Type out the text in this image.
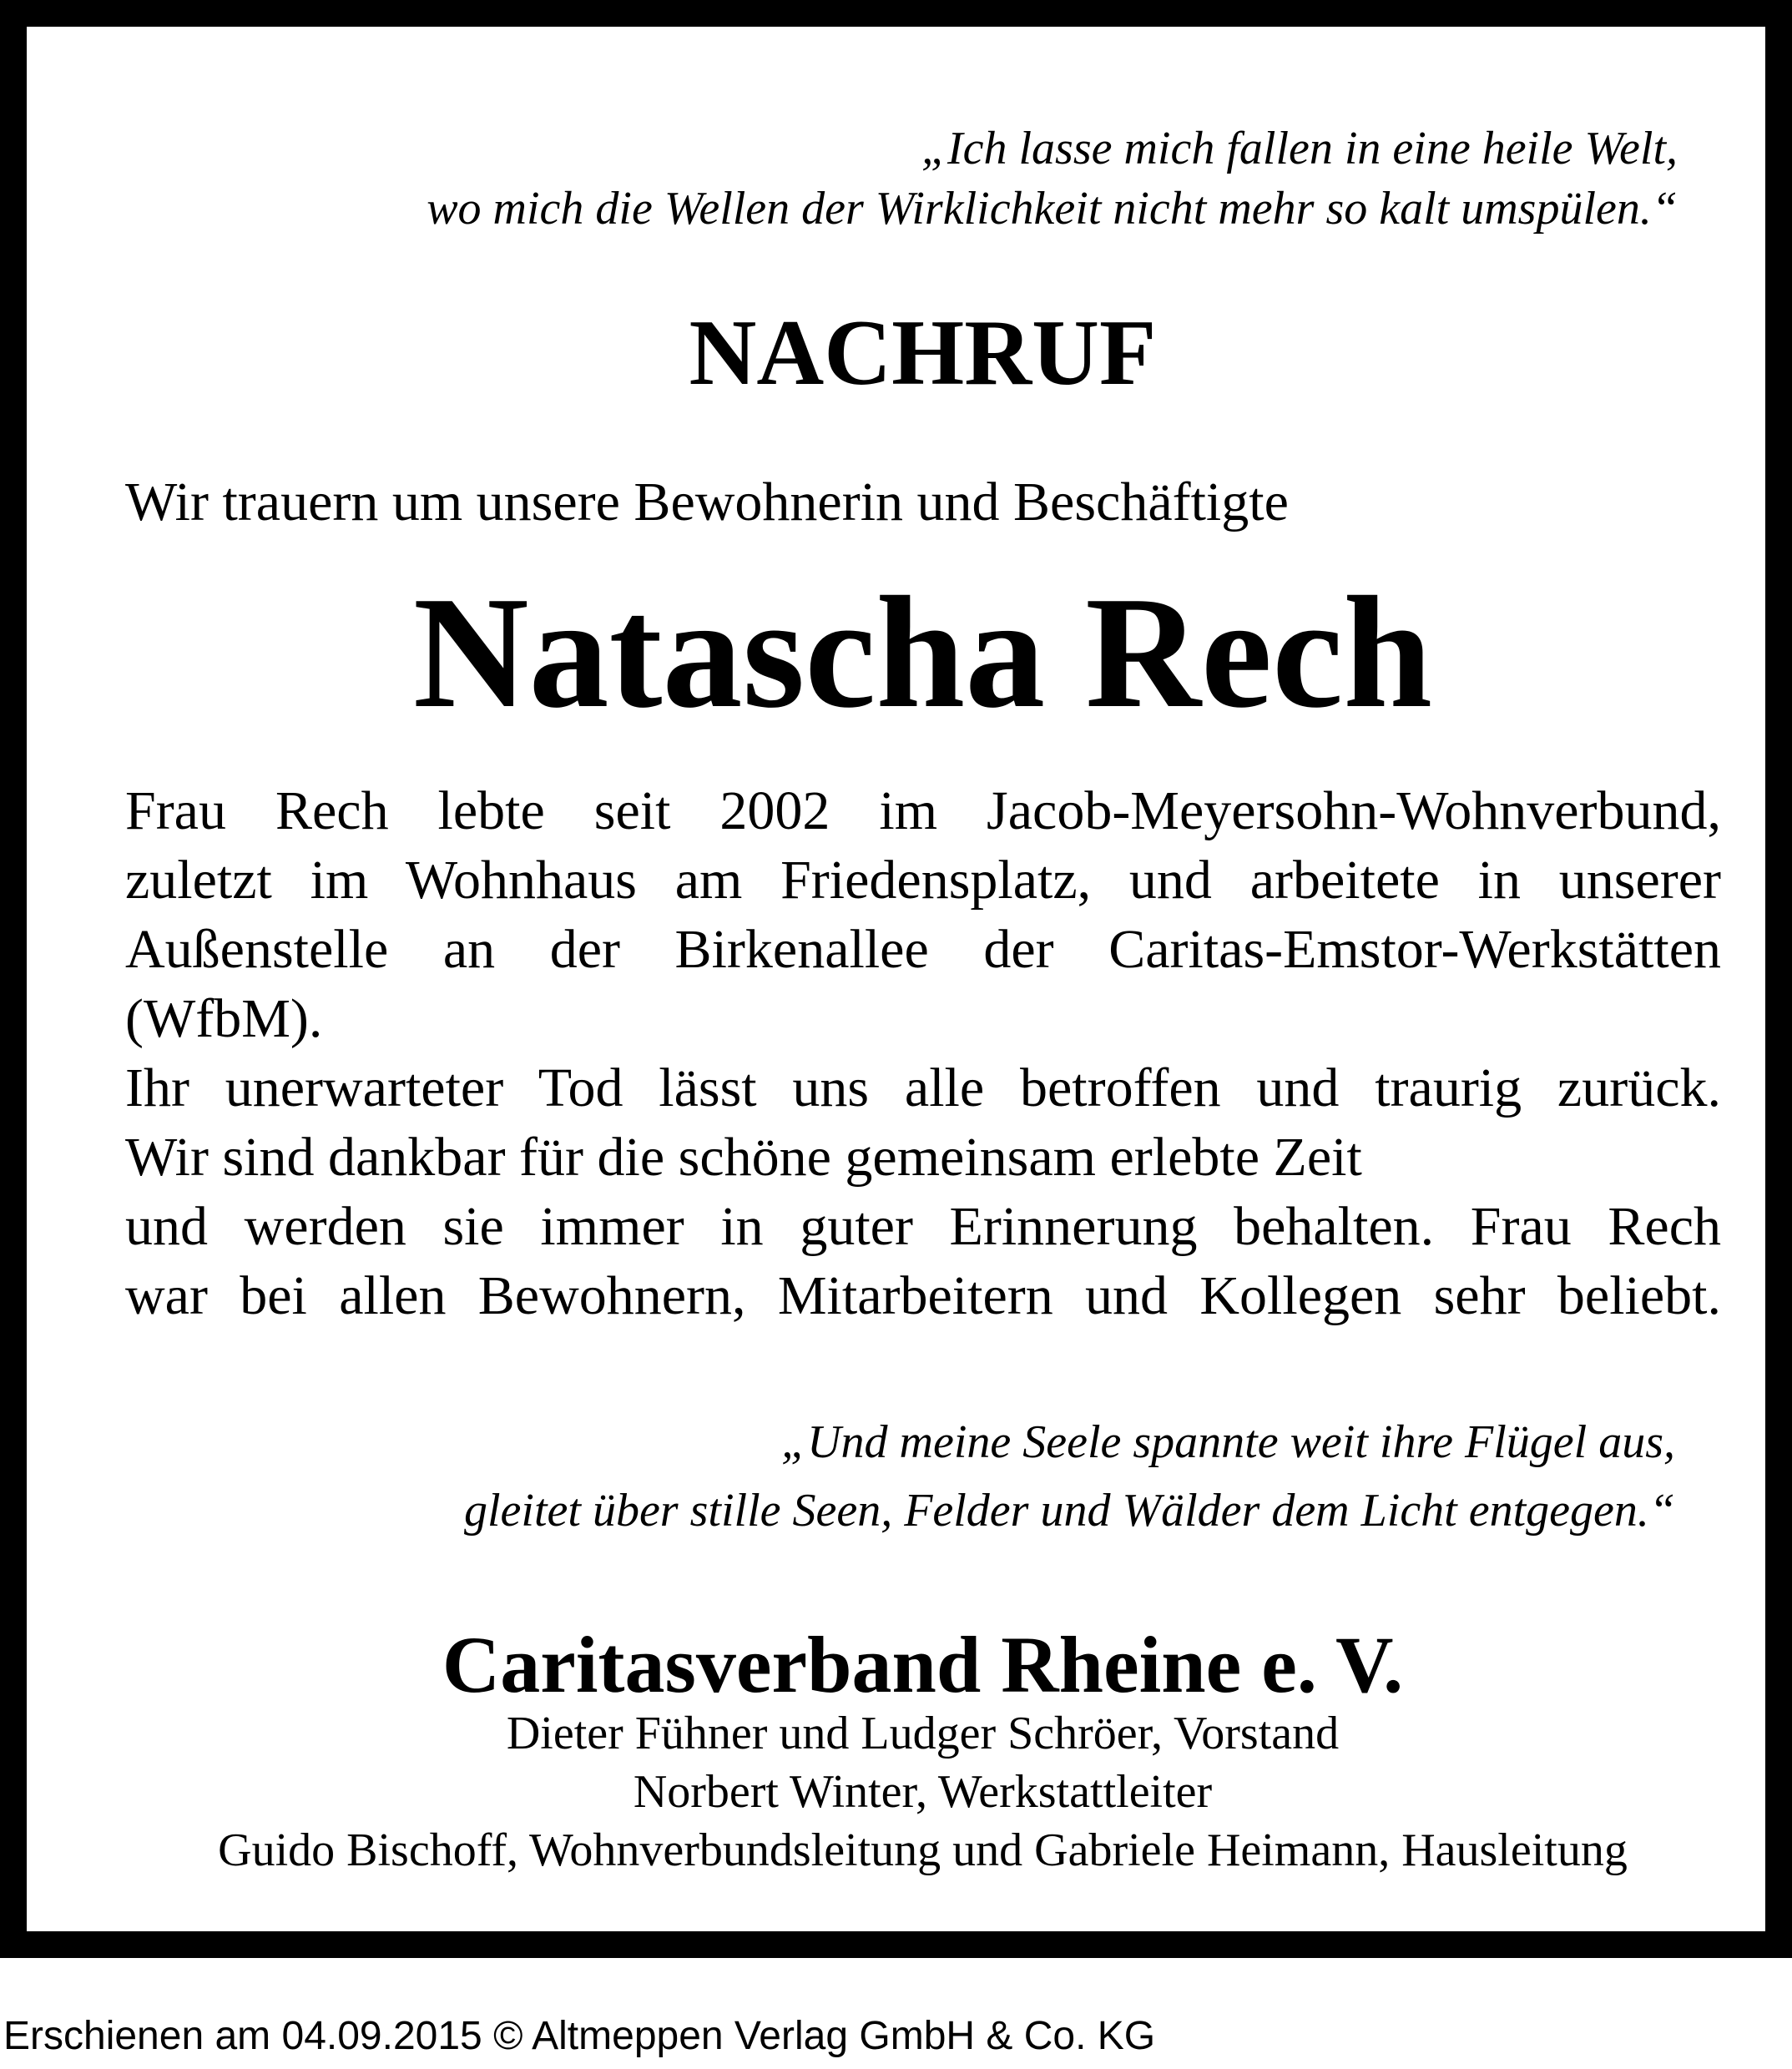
„Ich lasse mich fallen in eine heile Welt,
wo mich die Wellen der Wirklichkeit nicht mehr so kalt umspülen.“
NACHRUF
Wir trauern um unsere Bewohnerin und Beschäftigte
Natascha Rech
Frau Rech lebte seit 2002 im Jacob-Meyersohn-Wohnverbund,
zuletzt im Wohnhaus am Friedensplatz, und arbeitete in unserer
Außenstelle an der Birkenallee der Caritas-Emstor-Werkstätten
(WfbM).
Ihr unerwarteter Tod lässt uns alle betroffen und traurig zurück.
Wir sind dankbar für die schöne gemeinsam erlebte Zeit
und werden sie immer in guter Erinnerung behalten. Frau Rech
war bei allen Bewohnern, Mitarbeitern und Kollegen sehr beliebt.
„Und meine Seele spannte weit ihre Flügel aus,
gleitet über stille Seen, Felder und Wälder dem Licht entgegen.“
Caritasverband Rheine e. V.
Dieter Fühner und Ludger Schröer, Vorstand
Norbert Winter, Werkstattleiter
Guido Bischoff, Wohnverbundsleitung und Gabriele Heimann, Hausleitung
Erschienen am 04.09.2015 © Altmeppen Verlag GmbH & Co. KG
